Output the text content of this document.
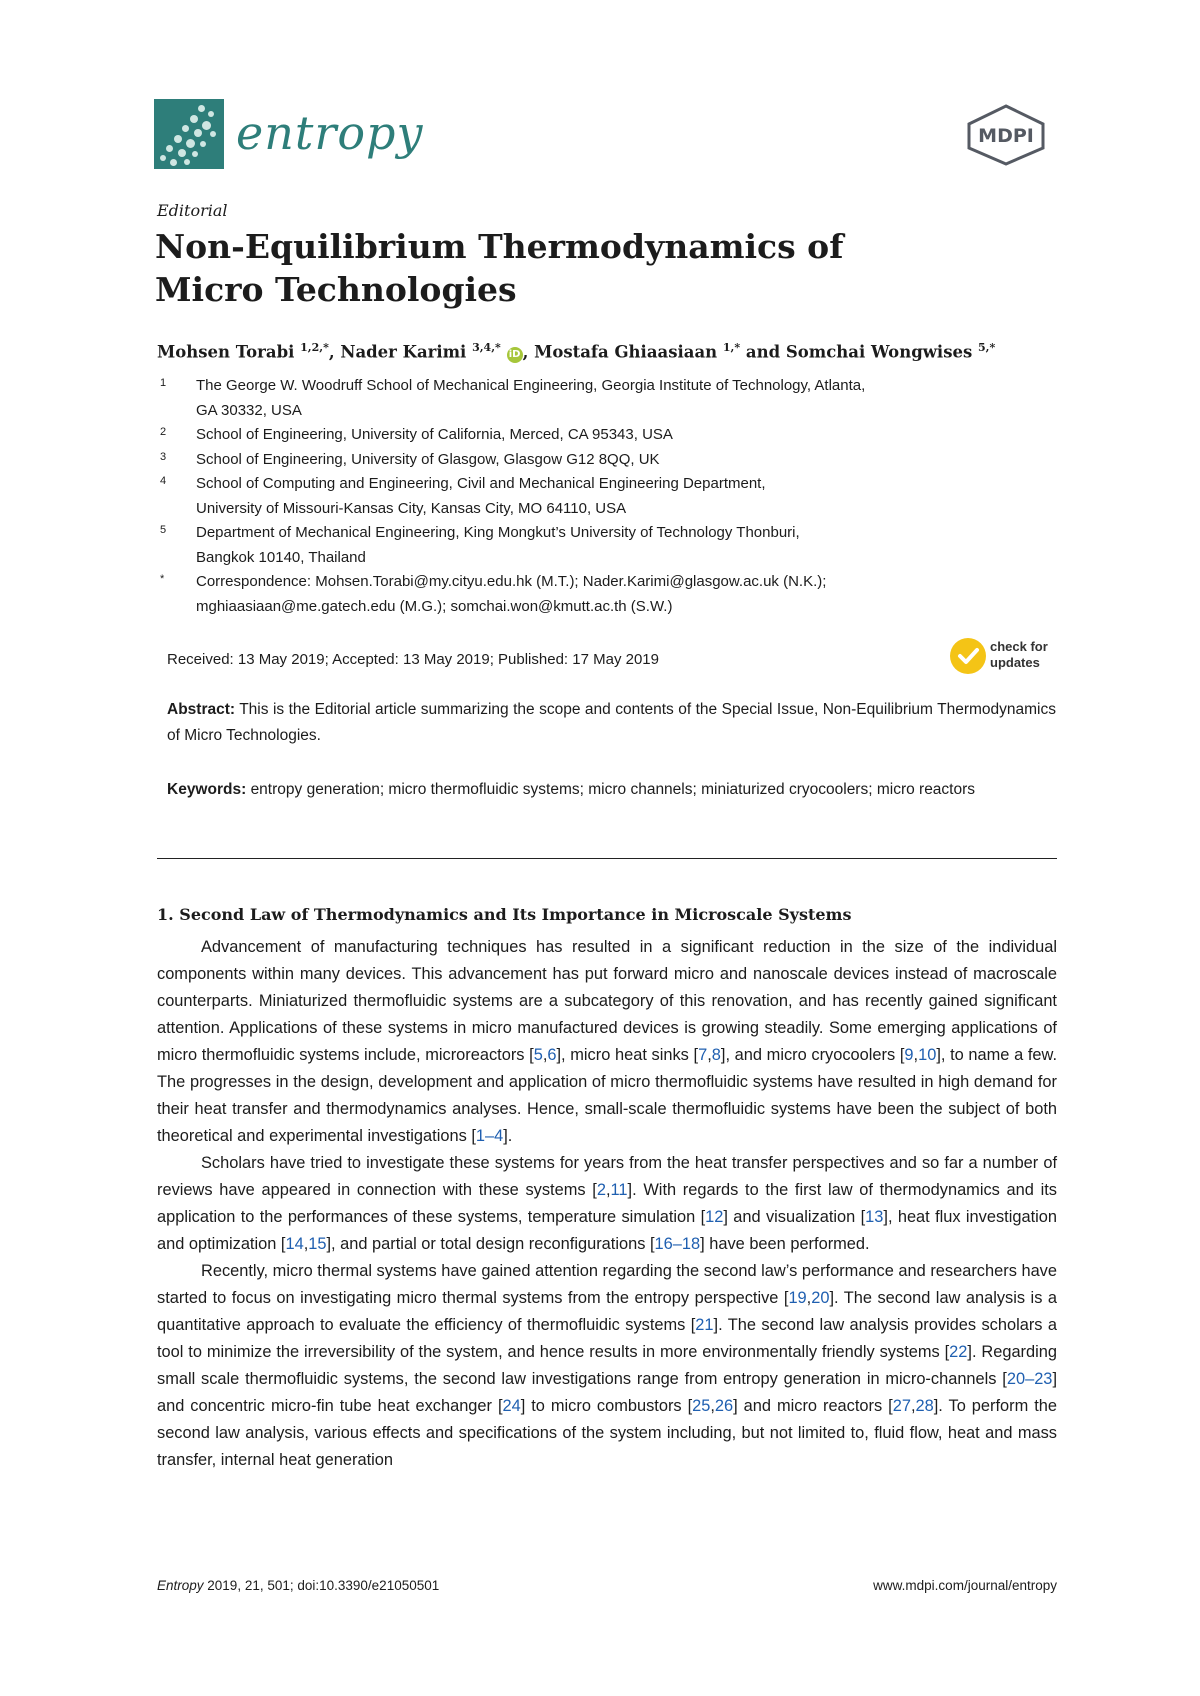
entropy	MDPI
Editorial
Non-Equilibrium Thermodynamics of
Micro Technologies
Mohsen Torabi $^{1,2,*}$, Nader Karimi $^{3,4,*}$ iD , Mostafa Ghiaasiaan $^{1,*}$ and Somchai Wongwises $^{5,*}$
1	The George W. Woodruff School of Mechanical Engineering, Georgia Institute of Technology, Atlanta,
GA 30332, USA
2	School of Engineering, University of California, Merced, CA 95343, USA
3	School of Engineering, University of Glasgow, Glasgow G12 8QQ, UK
4	School of Computing and Engineering, Civil and Mechanical Engineering Department,
University of Missouri-Kansas City, Kansas City, MO 64110, USA
5	Department of Mechanical Engineering, King Mongkut’s University of Technology Thonburi,
Bangkok 10140, Thailand
*	Correspondence: Mohsen.Torabi@my.cityu.edu.hk (M.T.); Nader.Karimi@glasgow.ac.uk (N.K.);
mghiaasiaan@me.gatech.edu (M.G.); somchai.won@kmutt.ac.th (S.W.)
Received: 13 May 2019; Accepted: 13 May 2019; Published: 17 May 2019
check for
updates

Abstract: This is the Editorial article summarizing the scope and contents of the Special Issue, Non-Equilibrium Thermodynamics of Micro Technologies.

Keywords: entropy generation; micro thermofluidic systems; micro channels; miniaturized cryocoolers; micro reactors

1. Second Law of Thermodynamics and Its Importance in Microscale Systems

Advancement of manufacturing techniques has resulted in a significant reduction in the size of the individual components within many devices. This advancement has put forward micro and nanoscale devices instead of macroscale counterparts. Miniaturized thermofluidic systems are a subcategory of this renovation, and has recently gained significant attention. Applications of these systems in micro manufactured devices is growing steadily. Some emerging applications of micro thermofluidic systems include, microreactors [5,6], micro heat sinks [7,8], and micro cryocoolers [9,10], to name a few. The progresses in the design, development and application of micro thermofluidic systems have resulted in high demand for their heat transfer and thermodynamics analyses. Hence, small-scale thermofluidic systems have been the subject of both theoretical and experimental investigations [1–4].

Scholars have tried to investigate these systems for years from the heat transfer perspectives and so far a number of reviews have appeared in connection with these systems [2,11]. With regards to the first law of thermodynamics and its application to the performances of these systems, temperature simulation [12] and visualization [13], heat flux investigation and optimization [14,15], and partial or total design reconfigurations [16–18] have been performed.

Recently, micro thermal systems have gained attention regarding the second law’s performance and researchers have started to focus on investigating micro thermal systems from the entropy perspective [19,20]. The second law analysis is a quantitative approach to evaluate the efficiency of thermofluidic systems [21]. The second law analysis provides scholars a tool to minimize the irreversibility of the system, and hence results in more environmentally friendly systems [22]. Regarding small scale thermofluidic systems, the second law investigations range from entropy generation in micro-channels [20–23] and concentric micro-fin tube heat exchanger [24] to micro combustors [25,26] and micro reactors [27,28]. To perform the second law analysis, various effects and specifications of the system including, but not limited to, fluid flow, heat and mass transfer, internal heat generation

Entropy 2019, 21, 501; doi:10.3390/e21050501	www.mdpi.com/journal/entropy
